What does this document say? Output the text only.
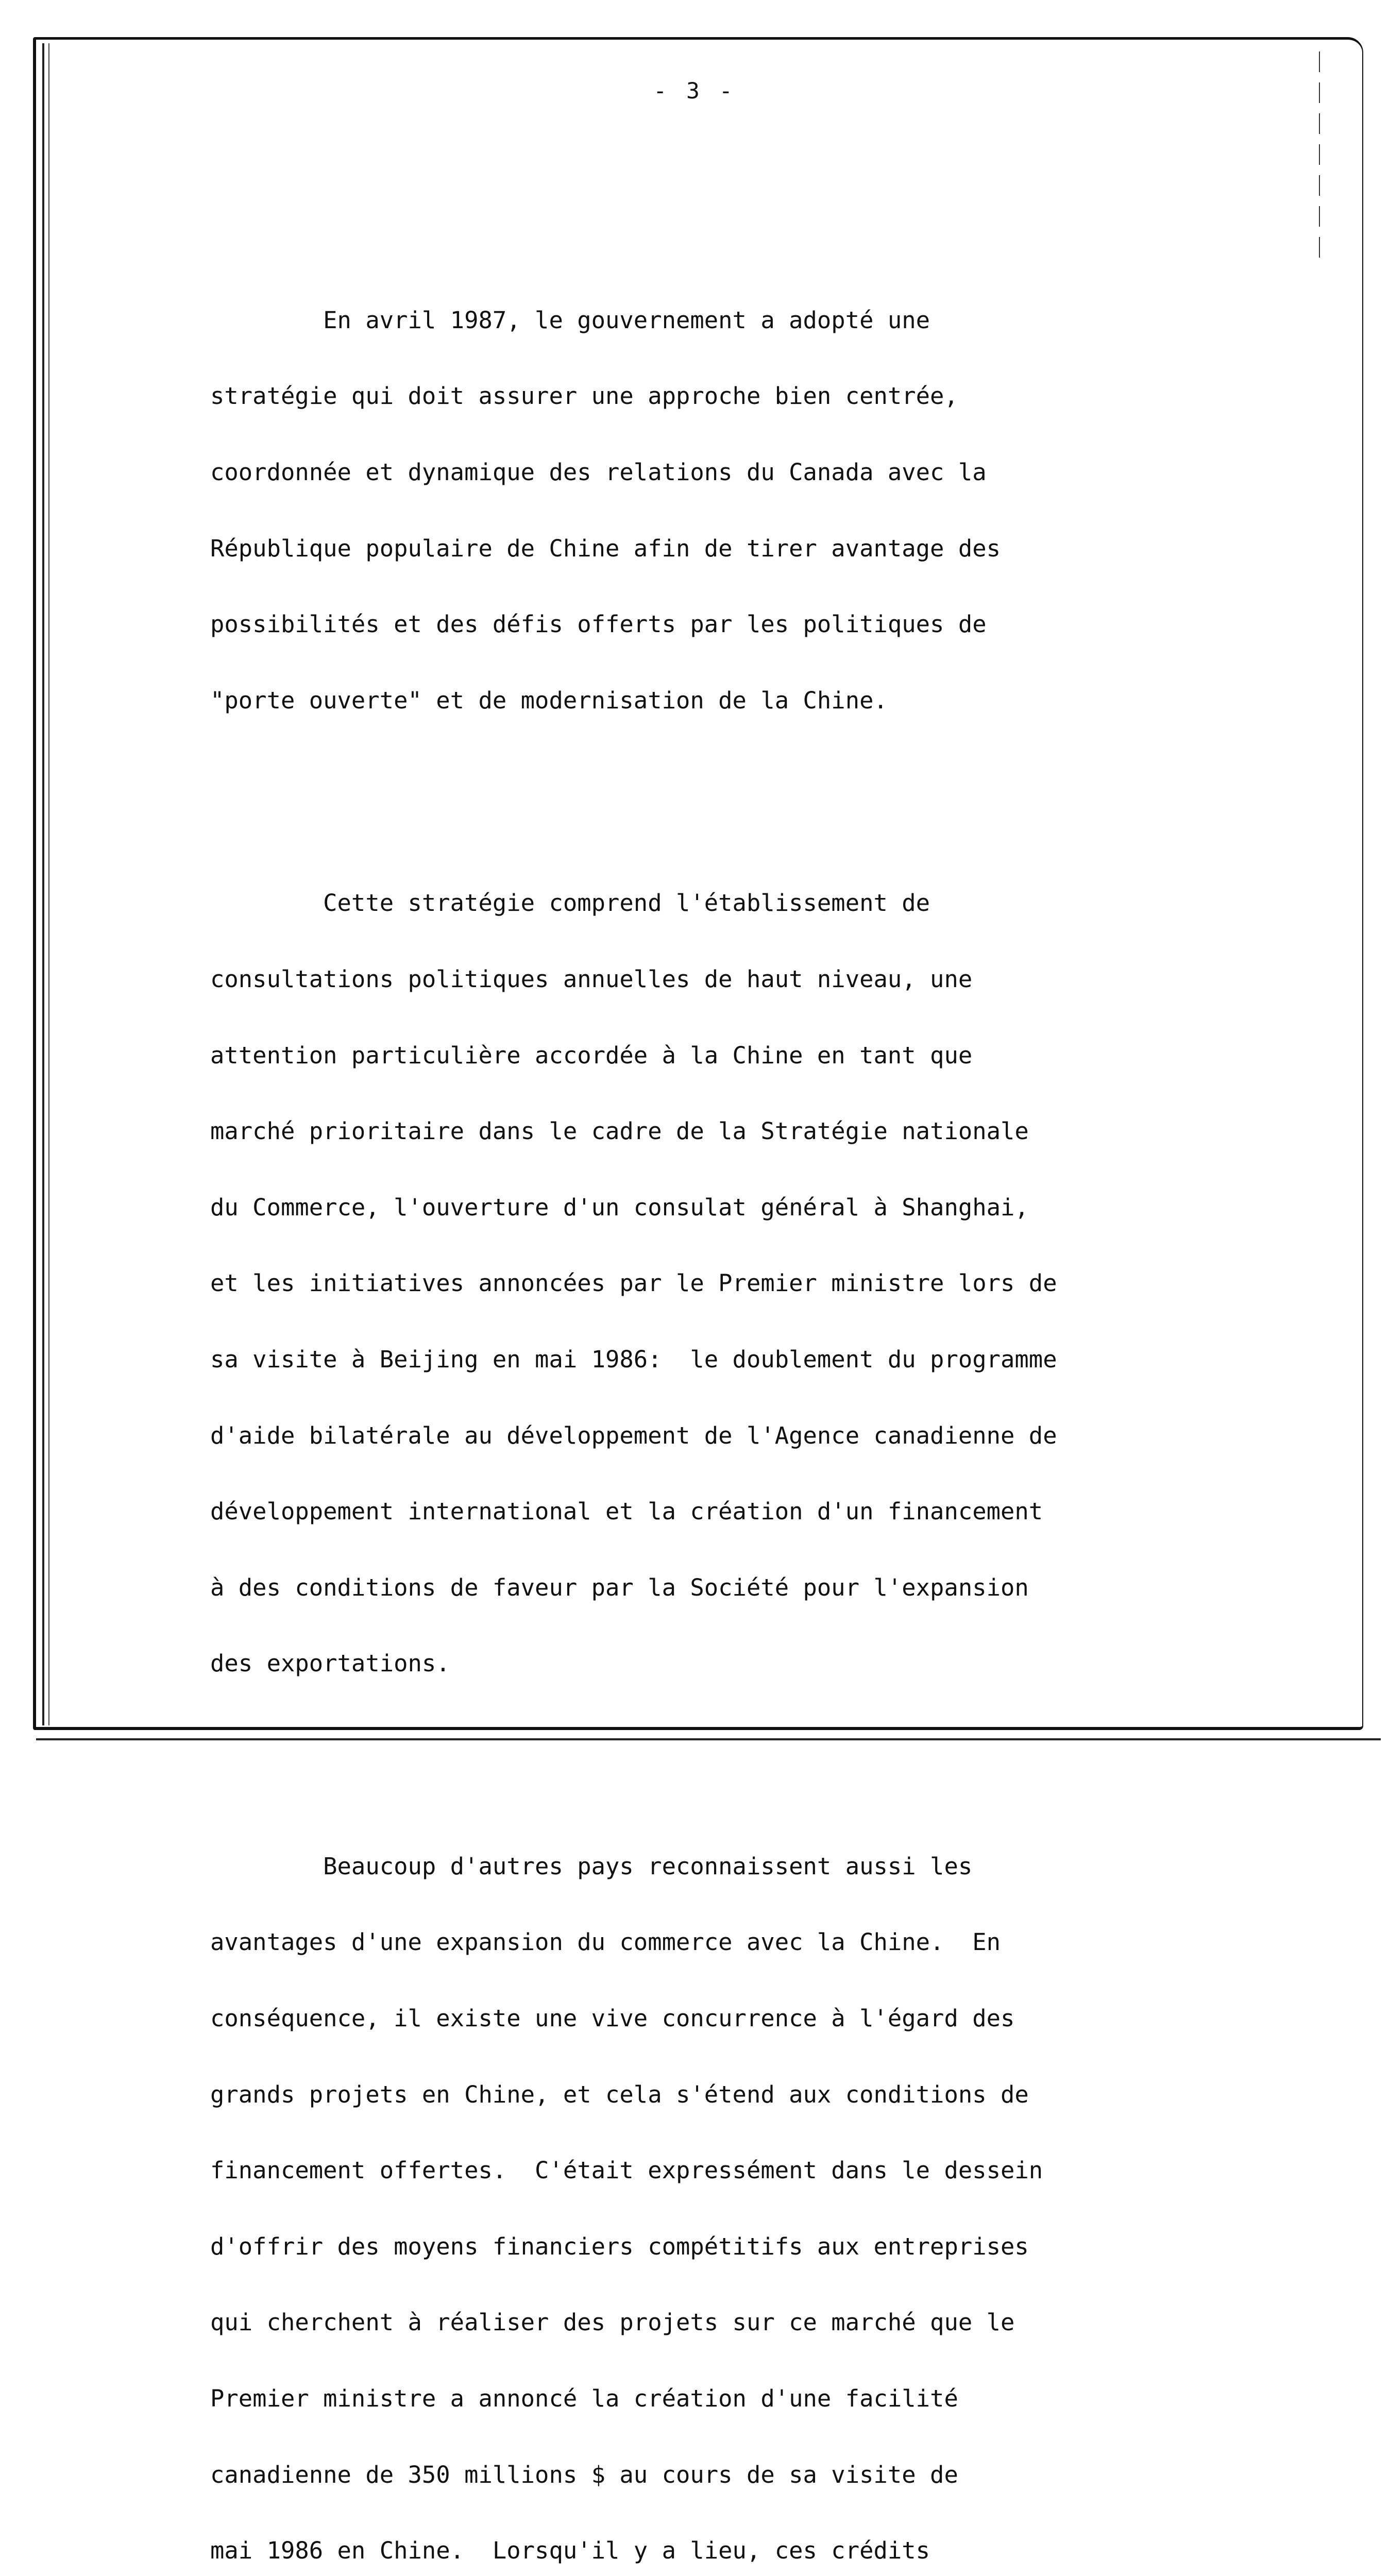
- 3 -

En avril 1987, le gouvernement a adopté une

stratégie qui doit assurer une approche bien centrée,

coordonnée et dynamique des relations du Canada avec la

République populaire de Chine afin de tirer avantage des

possibilités et des défis offerts par les politiques de

"porte ouverte" et de modernisation de la Chine.

Cette stratégie comprend l'établissement de

consultations politiques annuelles de haut niveau, une

attention particulière accordée à la Chine en tant que

marché prioritaire dans le cadre de la Stratégie nationale

du Commerce, l'ouverture d'un consulat général à Shanghai,

et les initiatives annoncées par le Premier ministre lors de

sa visite à Beijing en mai 1986:  le doublement du programme

d'aide bilatérale au développement de l'Agence canadienne de

développement international et la création d'un financement

à des conditions de faveur par la Société pour l'expansion

des exportations.

Beaucoup d'autres pays reconnaissent aussi les

avantages d'une expansion du commerce avec la Chine.  En

conséquence, il existe une vive concurrence à l'égard des

grands projets en Chine, et cela s'étend aux conditions de

financement offertes.  C'était expressément dans le dessein

d'offrir des moyens financiers compétitifs aux entreprises

qui cherchent à réaliser des projets sur ce marché que le

Premier ministre a annoncé la création d'une facilité

canadienne de 350 millions $ au cours de sa visite de

mai 1986 en Chine.  Lorsqu'il y a lieu, ces crédits
